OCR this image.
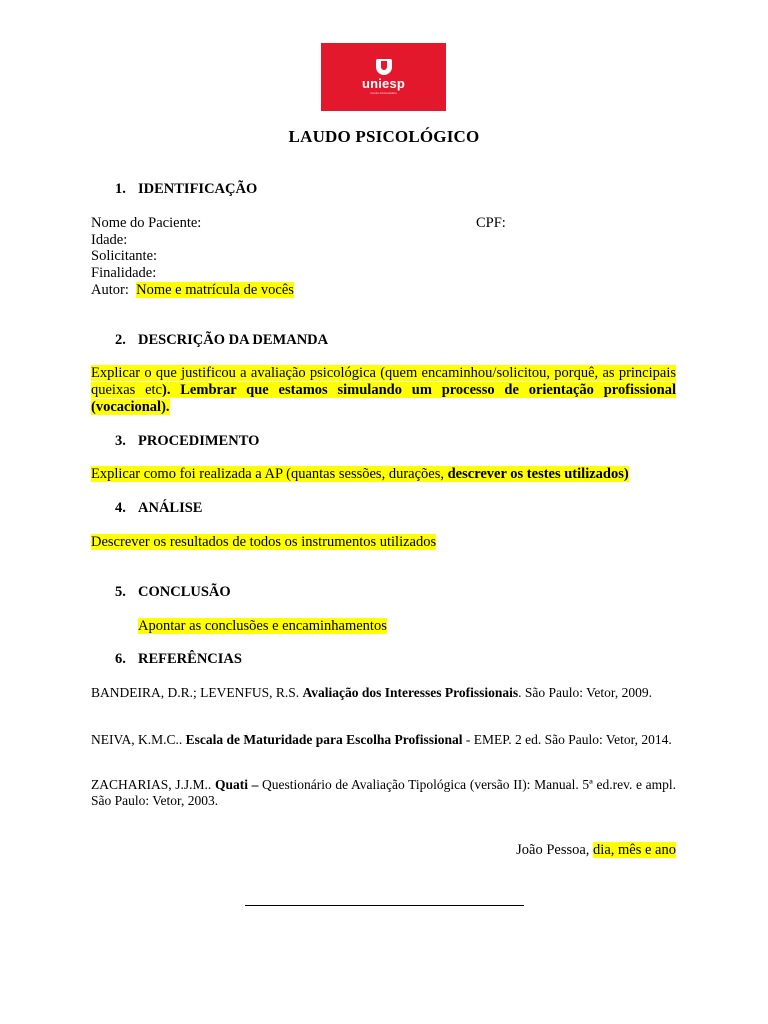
uniesp
Centro Universitário
LAUDO PSICOLÓGICO
1. IDENTIFICAÇÃO
Nome do Paciente:	CPF:
Idade:
Solicitante:
Finalidade:
Autor: Nome e matrícula de vocês
2. DESCRIÇÃO DA DEMANDA
Explicar o que justificou a avaliação psicológica (quem encaminhou/solicitou, porquê, as principais queixas etc). Lembrar que estamos simulando um processo de orientação profissional (vocacional).
3. PROCEDIMENTO
Explicar como foi realizada a AP (quantas sessões, durações, descrever os testes utilizados)
4. ANÁLISE
Descrever os resultados de todos os instrumentos utilizados
5. CONCLUSÃO
Apontar as conclusões e encaminhamentos
6. REFERÊNCIAS
BANDEIRA, D.R.; LEVENFUS, R.S. Avaliação dos Interesses Profissionais. São Paulo: Vetor, 2009.
NEIVA, K.M.C.. Escala de Maturidade para Escolha Profissional - EMEP. 2 ed. São Paulo: Vetor, 2014.
ZACHARIAS, J.J.M.. Quati – Questionário de Avaliação Tipológica (versão II): Manual. 5ª ed.rev. e ampl. São Paulo: Vetor, 2003.
João Pessoa, dia, mês e ano
